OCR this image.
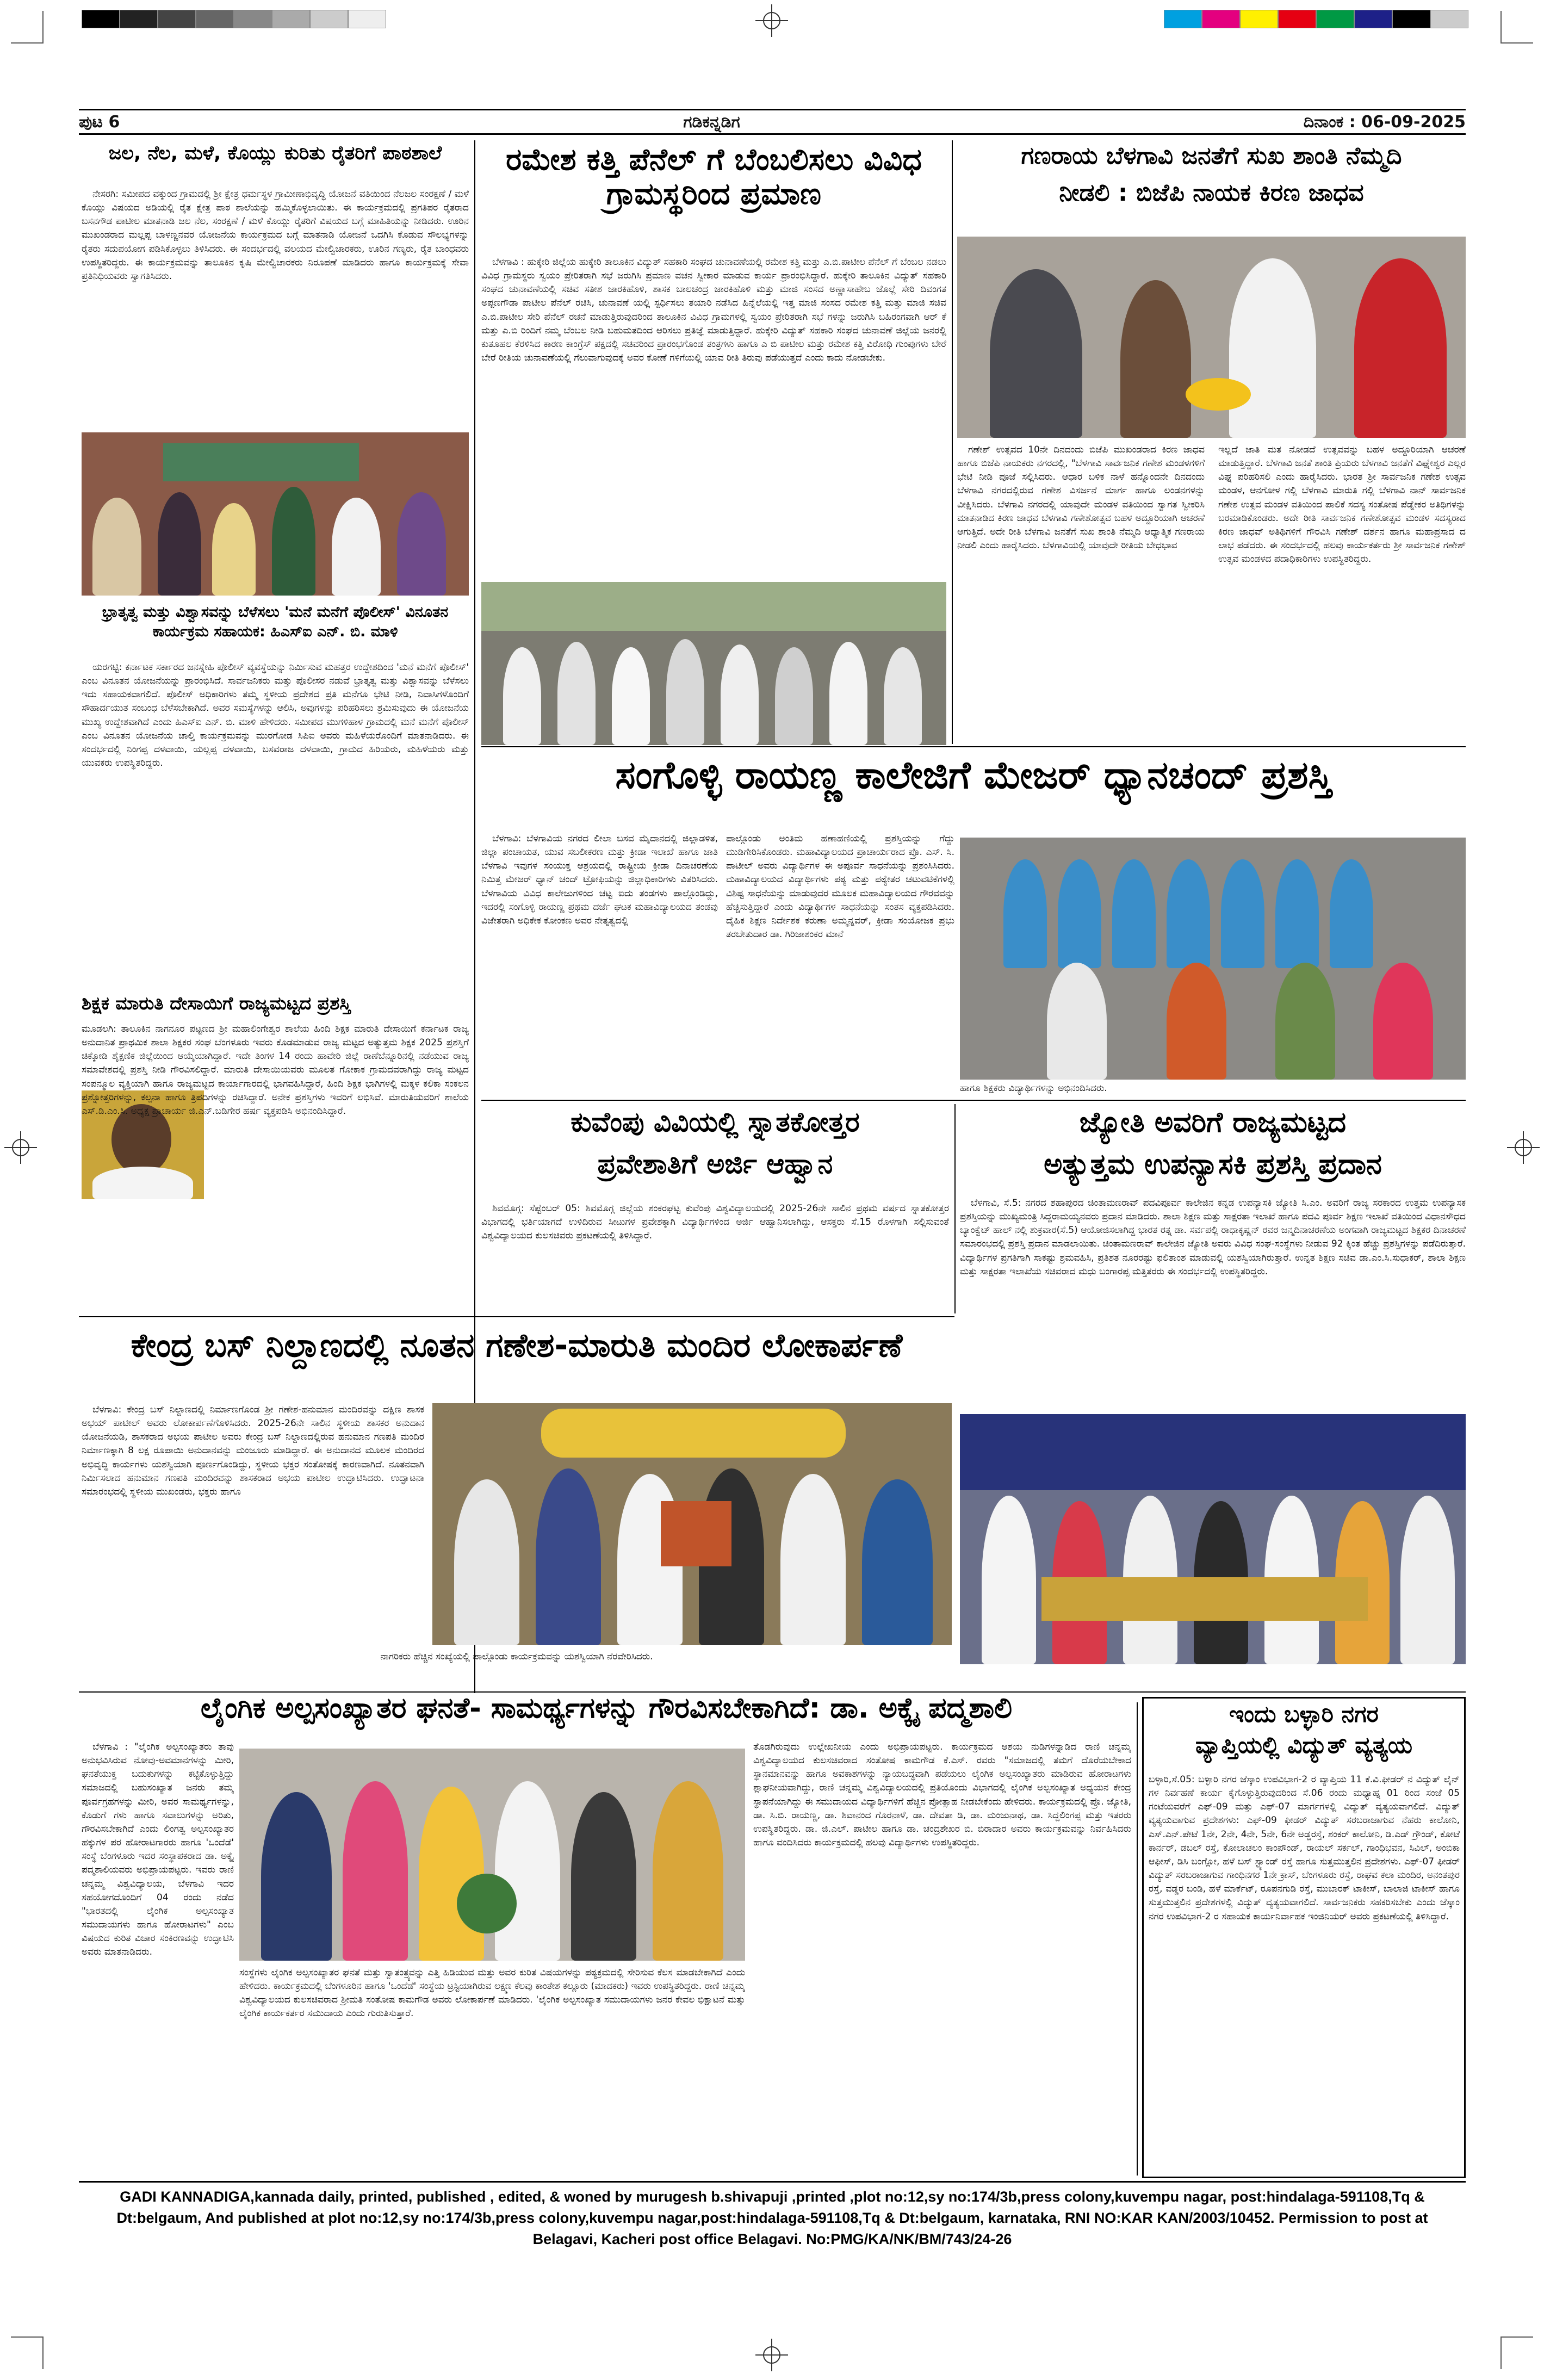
ಪುಟ 6	ಗಡಿಕನ್ನಡಿಗ	ದಿನಾಂಕ : 06-09-2025
ಜಲ, ನೆಲ, ಮಳೆ, ಕೊಯ್ಲು ಕುರಿತು ರೈತರಿಗೆ ಪಾಠಶಾಲೆ

ನೇಸರಗಿ: ಸಮೀಪದ ವಕ್ಕುಂದ ಗ್ರಾಮದಲ್ಲಿ ಶ್ರೀ ಕ್ಷೇತ್ರ ಧರ್ಮಸ್ಥಳ ಗ್ರಾಮೀಣಾಭಿವೃದ್ಧಿ ಯೋಜನೆ ವತಿಯಿಂದ ನೆಲಜಲ ಸಂರಕ್ಷಣೆ / ಮಳೆ ಕೊಯ್ಲು ವಿಷಯದ ಅಡಿಯಲ್ಲಿ ರೈತ ಕ್ಷೇತ್ರ ಪಾಠ ಶಾಲೆಯನ್ನು ಹಮ್ಮಿಕೊಳ್ಳಲಾಯಿತು. ಈ ಕಾರ್ಯಕ್ರಮದಲ್ಲಿ ಪ್ರಗತಿಪರ ರೈತರಾದ ಬಸನಗೌಡ ಪಾಟೀಲ ಮಾತನಾಡಿ ಜಲ ನೆಲ, ಸಂರಕ್ಷಣೆ / ಮಳೆ ಕೊಯ್ಲು ರೈತರಿಗೆ ವಿಷಯದ ಬಗ್ಗೆ ಮಾಹಿತಿಯನ್ನು ನೀಡಿದರು. ಊರಿನ ಮುಖಂಡರಾದ ಮಲ್ಲಪ್ಪ ಬಾಳಣ್ಣನವರ ಯೋಜನೆಯ ಕಾರ್ಯಕ್ರಮದ ಬಗ್ಗೆ ಮಾತನಾಡಿ ಯೋಜನೆ ಒದಗಿಸಿ ಕೊಡುವ ಸೌಲಭ್ಯಗಳನ್ನು ರೈತರು ಸದುಪಯೋಗ ಪಡಿಸಿಕೊಳ್ಳಲು ತಿಳಿಸಿದರು. ಈ ಸಂದರ್ಭದಲ್ಲಿ ವಲಯದ ಮೇಲ್ವಿಚಾರಕರು, ಊರಿನ ಗಣ್ಯರು, ರೈತ ಬಾಂಧವರು ಉಪಸ್ಥಿತರಿದ್ದರು. ಈ ಕಾರ್ಯಕ್ರಮವನ್ನು ತಾಲೂಕಿನ ಕೃಷಿ ಮೇಲ್ವಿಚಾರಕರು ನಿರೂಪಣೆ ಮಾಡಿದರು ಹಾಗೂ ಕಾರ್ಯಕ್ರಮಕ್ಕೆ ಸೇವಾ ಪ್ರತಿನಿಧಿಯವರು ಸ್ವಾಗತಿಸಿದರು.

ಭ್ರಾತೃತ್ವ ಮತ್ತು ವಿಶ್ವಾಸವನ್ನು ಬೆಳೆಸಲು 'ಮನೆ ಮನೆಗೆ ಪೊಲೀಸ್' ವಿನೂತನ ಕಾರ್ಯಕ್ರಮ ಸಹಾಯಕ: ಹಿಎಸ್ಐ ಎನ್. ಬಿ. ಮಾಳಿ

ಯರಗಟ್ಟಿ: ಕರ್ನಾಟಕ ಸರ್ಕಾರದ ಜನಸ್ನೇಹಿ ಪೊಲೀಸ್ ವ್ಯವಸ್ಥೆಯನ್ನು ನಿರ್ಮಿಸುವ ಮಹತ್ತರ ಉದ್ದೇಶದಿಂದ 'ಮನೆ ಮನೆಗೆ ಪೊಲೀಸ್' ಎಂಬ ವಿನೂತನ ಯೋಜನೆಯನ್ನು ಪ್ರಾರಂಭಿಸಿದೆ. ಸಾರ್ವಜನಿಕರು ಮತ್ತು ಪೊಲೀಸರ ನಡುವೆ ಭ್ರಾತೃತ್ವ ಮತ್ತು ವಿಶ್ವಾಸವನ್ನು ಬೆಳೆಸಲು ಇದು ಸಹಾಯಕವಾಗಲಿದೆ. ಪೊಲೀಸ್ ಅಧಿಕಾರಿಗಳು ತಮ್ಮ ಸ್ಥಳೀಯ ಪ್ರದೇಶದ ಪ್ರತಿ ಮನೆಗೂ ಭೇಟಿ ನೀಡಿ, ನಿವಾಸಿಗಳೊಂದಿಗೆ ಸೌಹಾರ್ದಯುತ ಸಂಬಂಧ ಬೆಳೆಸಬೇಕಾಗಿದೆ. ಅವರ ಸಮಸ್ಯೆಗಳನ್ನು ಆಲಿಸಿ, ಅವುಗಳನ್ನು ಪರಿಹರಿಸಲು ಶ್ರಮಿಸುವುದು ಈ ಯೋಜನೆಯ ಮುಖ್ಯ ಉದ್ದೇಶವಾಗಿದೆ ಎಂದು ಹಿಎಸ್ಐ ಎನ್. ಬಿ. ಮಾಳಿ ಹೇಳಿದರು. ಸಮೀಪದ ಮುಗಳಿಹಾಳ ಗ್ರಾಮದಲ್ಲಿ ಮನೆ ಮನೆಗೆ ಪೊಲೀಸ್ ಎಂಬ ವಿನೂತನ ಯೋಜನೆಯ ಚಾಲ್ತಿ ಕಾರ್ಯಕ್ರಮವನ್ನು ಮುರಗೋಡ ಸಿಪಿಐ ಅವರು ಮಹಿಳೆಯರೊಂದಿಗೆ ಮಾತನಾಡಿದರು. ಈ ಸಂದರ್ಭದಲ್ಲಿ ನಿಂಗಪ್ಪ ದಳವಾಯಿ, ಯಲ್ಲಪ್ಪ ದಳವಾಯಿ, ಬಸವರಾಜ ದಳವಾಯಿ, ಗ್ರಾಮದ ಹಿರಿಯರು, ಮಹಿಳೆಯರು ಮತ್ತು ಯುವಕರು ಉಪಸ್ಥಿತರಿದ್ದರು.

ಶಿಕ್ಷಕ ಮಾರುತಿ ದೇಸಾಯಿಗೆ ರಾಜ್ಯಮಟ್ಟದ ಪ್ರಶಸ್ತಿ

ಮೂಡಲಗಿ: ತಾಲೂಕಿನ ನಾಗನೂರ ಪಟ್ಟಣದ ಶ್ರೀ ಮಹಾಲಿಂಗೇಶ್ವರ ಶಾಲೆಯ ಹಿಂದಿ ಶಿಕ್ಷಕ ಮಾರುತಿ ದೇಸಾಯಿಗೆ ಕರ್ನಾಟಕ ರಾಜ್ಯ ಅನುದಾನಿತ ಪ್ರಾಥಮಿಕ ಶಾಲಾ ಶಿಕ್ಷಕರ ಸಂಘ ಬೆಂಗಳೂರು ಇವರು ಕೊಡಮಾಡುವ ರಾಜ್ಯ ಮಟ್ಟದ ಅತ್ಯುತ್ತಮ ಶಿಕ್ಷಕ 2025 ಪ್ರಶಸ್ತಿಗೆ ಚಿಕ್ಕೋಡಿ ಶೈಕ್ಷಣಿಕ ಜಿಲ್ಲೆಯಿಂದ ಆಯ್ಕೆಯಾಗಿದ್ದಾರೆ. ಇದೇ ತಿಂಗಳ 14 ರಂದು ಹಾವೇರಿ ಜಿಲ್ಲೆ ರಾಣೆಬೆನ್ನೂರಿನಲ್ಲಿ ನಡೆಯುವ ರಾಜ್ಯ ಸಮಾವೇಶದಲ್ಲಿ ಪ್ರಶಸ್ತಿ ನೀಡಿ ಗೌರವಿಸಲಿದ್ದಾರೆ. ಮಾರುತಿ ದೇಸಾಯಿಯವರು ಮೂಲತ ಗೋಕಾಕ ಗ್ರಾಮದವರಾಗಿದ್ದು ರಾಜ್ಯ ಮಟ್ಟದ ಸಂಪನ್ಮೂಲ ವ್ಯಕ್ತಿಯಾಗಿ ಹಾಗೂ ರಾಜ್ಯಮಟ್ಟದ ಕಾರ್ಯಾಗಾರದಲ್ಲಿ ಭಾಗವಹಿಸಿದ್ದಾರೆ, ಹಿಂದಿ ಶಿಕ್ಷಕ ಭಾಗಿಗಳಲ್ಲಿ ಮಕ್ಕಳ ಕಲಿಕಾ ಸಂಕಲನ ಪ್ರಶ್ನೋತ್ತರಿಗಳನ್ನು, ಕಲ್ಪನಾ ಹಾಗೂ ತ್ರಿಪದಿಗಳನ್ನು ರಚಿಸಿದ್ದಾರೆ. ಅನೇಕ ಪ್ರಶಸ್ತಿಗಳು ಇವರಿಗೆ ಲಭಿಸಿವೆ. ಮಾರುತಿಯವರಿಗೆ ಶಾಲೆಯ ಎಸ್.ಡಿ.ಎಂ.ಸಿ. ಅಧ್ಯಕ್ಷ ಪ್ರಾಚಾರ್ಯ ಜಿ.ಎನ್.ಬಡಿಗೇರ ಹರ್ಷ ವ್ಯಕ್ತಪಡಿಸಿ ಅಭಿನಂದಿಸಿದ್ದಾರೆ.

ರಮೇಶ ಕತ್ತಿ ಪೆನೆಲ್ ಗೆ ಬೆಂಬಲಿಸಲು ವಿವಿಧ ಗ್ರಾಮಸ್ಥರಿಂದ ಪ್ರಮಾಣ

ಬೆಳಗಾವಿ : ಹುಕ್ಕೇರಿ ಜಿಲ್ಲೆಯ ಹುಕ್ಕೇರಿ ತಾಲೂಕಿನ ವಿದ್ಯುತ್ ಸಹಕಾರಿ ಸಂಘದ ಚುನಾವಣೆಯಲ್ಲಿ ರಮೇಶ ಕತ್ತಿ ಮತ್ತು ಎ.ಬಿ.ಪಾಟೀಲ ಪೆನೆಲ್ ಗೆ ಬೆಂಬಲ ನಡಲು ವಿವಿಧ ಗ್ರಾಮಸ್ಥರು ಸ್ವಯಂ ಪ್ರೇರಿತರಾಗಿ ಸಭೆ ಜರುಗಿಸಿ ಪ್ರಮಾಣ ವಚನ ಸ್ವೀಕಾರ ಮಾಡುವ ಕಾರ್ಯ ಪ್ರಾರಂಭಿಸಿದ್ದಾರೆ. ಹುಕ್ಕೇರಿ ತಾಲೂಕಿನ ವಿದ್ಯುತ್ ಸಹಕಾರಿ ಸಂಘದ ಚುನಾವಣೆಯಲ್ಲಿ ಸಚಿವ ಸತೀಶ ಜಾರಕಿಹೊಳಿ, ಶಾಸಕ ಬಾಲಚಂದ್ರ ಜಾರಕಿಹೊಳಿ ಮತ್ತು ಮಾಜಿ ಸಂಸದ ಅಣ್ಣಾಸಾಹೇಬ ಜೊಲ್ಲೆ ಸೇರಿ ದಿವಂಗತ ಅಪ್ಪಣಗೌಡಾ ಪಾಟೀಲ ಪೆನೆಲ್ ರಚಿಸಿ, ಚುನಾವಣೆ ಯಲ್ಲಿ ಸ್ಪರ್ಧಿಸಲು ತಯಾರಿ ನಡೆಸಿದ ಹಿನ್ನೆಲೆಯಲ್ಲಿ ಇತ್ತ ಮಾಜಿ ಸಂಸದ ರಮೇಶ ಕತ್ತಿ ಮತ್ತು ಮಾಜಿ ಸಚಿವ ಎ.ಬಿ.ಪಾಟೀಲ ಸೇರಿ ಪೆನೆಲ್ ರಚನೆ ಮಾಡುತ್ತಿರುವುದರಿಂದ ತಾಲೂಕಿನ ವಿವಿಧ ಗ್ರಾಮಗಳಲ್ಲಿ ಸ್ವಯಂ ಪ್ರೇರಿತರಾಗಿ ಸಭೆ ಗಳನ್ನು ಜರುಗಿಸಿ ಬಹಿರಂಗವಾಗಿ ಆರ್ ಕೆ ಮತ್ತು ಎ.ಬಿ ರಿಂದಿಗೆ ನಮ್ಮ ಬೆಂಬಲ ನೀಡಿ ಬಹುಮತದಿಂದ ಆರಿಸಲು ಪ್ರತಿಜ್ಞೆ ಮಾಡುತ್ತಿದ್ದಾರೆ. ಹುಕ್ಕೇರಿ ವಿದ್ಯುತ್ ಸಹಕಾರಿ ಸಂಘದ ಚುನಾವಣೆ ಜಿಲ್ಲೆಯ ಜನರಲ್ಲಿ ಕುತೂಹಲ ಕೆರಳಿಸಿದ ಕಾರಣ ಕಾಂಗ್ರೆಸ್ ಪಕ್ಷದಲ್ಲಿ ಸಚಿವರಿಂದ ಪ್ರಾರಂಭಗೊಂಡ ತಂತ್ರಗಳು ಹಾಗೂ ಎ ಬಿ ಪಾಟೀಲ ಮತ್ತು ರಮೇಶ ಕತ್ತಿ ವಿರೋಧಿ ಗುಂಪುಗಳು ಬೇರೆ ಬೇರೆ ರೀತಿಯ ಚುನಾವಣೆಯಲ್ಲಿ ಗೆಲುವಾಗುವುದಕ್ಕೆ ಅವರ ಕೋಣೆ ಗಳಿಗೆಯಲ್ಲಿ ಯಾವ ರೀತಿ ತಿರುವು ಪಡೆಯುತ್ತದೆ ಎಂದು ಕಾದು ನೋಡಬೇಕು.

ಗಣರಾಯ ಬೆಳಗಾವಿ ಜನತೆಗೆ ಸುಖ ಶಾಂತಿ ನೆಮ್ಮದಿ
ನೀಡಲಿ : ಬಿಜೆಪಿ ನಾಯಕ ಕಿರಣ ಜಾಧವ

ಗಣೇಶ್ ಉತ್ಸವದ 10ನೇ ದಿನದಂದು ಬಿಜೆಪಿ ಮುಖಂಡರಾದ ಕಿರಣ ಜಾಧವ ಹಾಗೂ ಬಿಜೆಪಿ ನಾಯಕರು ನಗರದಲ್ಲಿ, "ಬೆಳಗಾವಿ ಸಾರ್ವಜನಿಕ ಗಣೇಶ ಮಂಡಳಗಳಿಗೆ ಭೇಟಿ ನೀಡಿ ಪೂಜೆ ಸಲ್ಲಿಸಿದರು. ಆಧಾರ ಬಳಿಕ ನಾಳೆ ಹನ್ನೊಂದನೇ ದಿನದಂದು ಬೆಳಗಾವಿ ನಗರದಲ್ಲಿರುವ ಗಣೇಶ ವಿಸರ್ಜನೆ ಮಾರ್ಗ ಹಾಗೂ ಲಂಡನಗಳನ್ನು ವೀಕ್ಷಿಸಿದರು. ಬೆಳಗಾವಿ ನಗರದಲ್ಲಿ ಯಾವುದೇ ಮಂಡಳ ವತಿಯಿಂದ ಸ್ವಾಗತ ಸ್ವೀಕರಿಸಿ ಮಾತನಾಡಿದ ಕಿರಣ ಜಾಧವ ಬೆಳಗಾವಿ ಗಣೇಶೋತ್ಸವ ಬಹಳ ಅದ್ದೂರಿಯಾಗಿ ಆಚರಣೆ ಆಗುತ್ತಿದೆ. ಅದೇ ರೀತಿ ಬೆಳಗಾವಿ ಜನತೆಗೆ ಸುಖ ಶಾಂತಿ ನೆಮ್ಮದಿ ಆಧ್ಯಾತ್ಮಿಕ ಗಣರಾಯ ನೀಡಲಿ ಎಂದು ಹಾರೈಸಿದರು. ಬೆಳಗಾವಿಯಲ್ಲಿ ಯಾವುದೇ ರೀತಿಯ ಬೇಧಭಾವ

ಇಲ್ಲದೆ ಜಾತಿ ಮತ ನೋಡದೆ ಉತ್ಸವವನ್ನು ಬಹಳ ಅದ್ದೂರಿಯಾಗಿ ಆಚರಣೆ ಮಾಡುತ್ತಿದ್ದಾರೆ. ಬೆಳಗಾವಿ ಜನತೆ ಶಾಂತಿ ಪ್ರಿಯರು ಬೆಳಗಾವಿ ಜನತೆಗೆ ವಿಘ್ನೇಶ್ವರ ಎಲ್ಲರ ವಿಘ್ನ ಪರಿಹರಿಸಲಿ ಎಂದು ಹಾರೈಸಿದರು. ಭಾರತ ಶ್ರೀ ಸಾರ್ವಜನಿಕ ಗಣೇಶ ಉತ್ಸವ ಮಂಡಳ, ಆನಗೋಳ ಗಲ್ಲಿ ಬೆಳಗಾವಿ ಮಾರುತಿ ಗಲ್ಲಿ ಬೆಳಗಾವಿ ನಾನ್ ಸಾರ್ವಜನಿಕ ಗಣೇಶ ಉತ್ಸವ ಮಂಡಳ ವತಿಯಿಂದ ಪಾಲಿಕೆ ಸದಸ್ಯ ಸಂತೋಷ ಪೆಡ್ನೇಕರ ಅತಿಥಿಗಳನ್ನು ಬರಮಾಡಿಕೊಂಡರು. ಅದೇ ರೀತಿ ಸಾರ್ವಜನಿಕ ಗಣೇಶೋತ್ಸವ ಮಂಡಳ ಸದಸ್ಯರಾದ ಕಿರಣ ಜಾಧವ್ ಅತಿಥಿಗಳಿಗೆ ಗೌರವಿಸಿ ಗಣೇಶ್ ದರ್ಶನ ಹಾಗೂ ಮಹಾಪ್ರಸಾದ ದ ಲಾಭ ಪಡೆದರು. ಈ ಸಂದರ್ಭದಲ್ಲಿ ಹಲವು ಕಾರ್ಯಕರ್ತರು ಶ್ರೀ ಸಾರ್ವಜನಿಕ ಗಣೇಶ್ ಉತ್ಸವ ಮಂಡಳದ ಪದಾಧಿಕಾರಿಗಳು ಉಪಸ್ಥಿತರಿದ್ದರು.

ಸಂಗೊಳ್ಳಿ ರಾಯಣ್ಣ ಕಾಲೇಜಿಗೆ ಮೇಜರ್ ಧ್ಯಾನಚಂದ್ ಪ್ರಶಸ್ತಿ

ಬೆಳಗಾವಿ: ಬೆಳಗಾವಿಯ ನಗರದ ಲೀಲಾ ಬಸವ ಮೈದಾನದಲ್ಲಿ ಜಿಲ್ಲಾಡಳಿತ, ಜಿಲ್ಲಾ ಪಂಚಾಯತ, ಯುವ ಸಬಲೀಕರಣ ಮತ್ತು ಕ್ರೀಡಾ ಇಲಾಖೆ ಹಾಗೂ ಜಾತಿ ಬೆಳಗಾವಿ ಇವುಗಳ ಸಂಯುಕ್ತ ಆಶ್ರಯದಲ್ಲಿ ರಾಷ್ಟ್ರೀಯ ಕ್ರೀಡಾ ದಿನಾಚರಣೆಯ ನಿಮಿತ್ತ ಮೇಜರ್ ಧ್ಯಾನ್ ಚಂದ್ ಟ್ರೋಫಿಯನ್ನು ಜಿಲ್ಲಾಧಿಕಾರಿಗಳು ವಿತರಿಸಿದರು. ಬೆಳಗಾವಿಯ ವಿವಿಧ ಕಾಲೇಜುಗಳಿಂದ ಚಟ್ಟ ಐದು ತಂಡಗಳು ಪಾಲ್ಗೊಂಡಿದ್ದು, ಇದರಲ್ಲಿ ಸಂಗೊಳ್ಳಿ ರಾಯಣ್ಣ ಪ್ರಥಮ ದರ್ಜೆ ಘಟಕ ಮಹಾವಿದ್ಯಾಲಯದ ತಂಡವು ವಿಜೇತರಾಗಿ ಅಧಿಕೇಕ ಕೋಂಕಣ ಅವರ ನೇತೃತ್ವದಲ್ಲಿ

ಪಾಲ್ಗೊಂಡು ಅಂತಿಮ ಹಣಾಹಣಿಯಲ್ಲಿ ಪ್ರಶಸ್ತಿಯನ್ನು ಗೆದ್ದು ಮುಡಿಗೇರಿಸಿಕೊಂಡರು. ಮಹಾವಿದ್ಯಾಲಯದ ಪ್ರಾಚಾರ್ಯರಾದ ಪ್ರೊ. ಎಸ್. ಸಿ. ಪಾಟೀಲ್ ಅವರು ವಿದ್ಯಾರ್ಥಿಗಳ ಈ ಅಪೂರ್ವ ಸಾಧನೆಯನ್ನು ಪ್ರಶಂಸಿಸಿದರು. ಮಹಾವಿದ್ಯಾಲಯದ ವಿದ್ಯಾರ್ಥಿಗಳು ಪಠ್ಯ ಮತ್ತು ಪಠ್ಯೇತರ ಚಟುವಟಿಕೆಗಳಲ್ಲಿ ವಿಶಿಷ್ಟ ಸಾಧನೆಯನ್ನು ಮಾಡುವುದರ ಮೂಲಕ ಮಹಾವಿದ್ಯಾಲಯದ ಗೌರವವನ್ನು ಹೆಚ್ಚಿಸುತ್ತಿದ್ದಾರೆ ಎಂದು ವಿದ್ಯಾರ್ಥಿಗಳ ಸಾಧನೆಯನ್ನು ಸಂತಸ ವ್ಯಕ್ತಪಡಿಸಿದರು. ದೈಹಿಕ ಶಿಕ್ಷಣ ನಿರ್ದೇಶಕ ಕರುಣಾ ಅಮ್ಮನ್ನವರ್, ಕ್ರೀಡಾ ಸಂಯೋಜಕ ಪ್ರಭು ತರಬೇತುದಾರ ಡಾ. ಗಿರಿಜಾಶಂಕರ ಮಾನೆ

ಹಾಗೂ ಶಿಕ್ಷಕರು ವಿದ್ಯಾರ್ಥಿಗಳನ್ನು ಅಭಿನಂದಿಸಿದರು.
ಕುವೆಂಪು ವಿವಿಯಲ್ಲಿ ಸ್ನಾತಕೋತ್ತರ
ಪ್ರವೇಶಾತಿಗೆ ಅರ್ಜಿ ಆಹ್ವಾನ

ಶಿವಮೊಗ್ಗ: ಸೆಪ್ಟೆಂಬರ್ 05: ಶಿವಮೊಗ್ಗ ಜಿಲ್ಲೆಯ ಶಂಕರಘಟ್ಟ ಕುವೆಂಪು ವಿಶ್ವವಿದ್ಯಾಲಯದಲ್ಲಿ 2025-26ನೇ ಸಾಲಿನ ಪ್ರಥಮ ವರ್ಷದ ಸ್ನಾತಕೋತ್ತರ ವಿಭಾಗದಲ್ಲಿ ಭರ್ತಿಯಾಗದೆ ಉಳಿದಿರುವ ಸೀಟುಗಳ ಪ್ರವೇಶಕ್ಕಾಗಿ ವಿದ್ಯಾರ್ಥಿಗಳಿಂದ ಅರ್ಜಿ ಆಹ್ವಾನಿಸಲಾಗಿದ್ದು, ಆಸಕ್ತರು ಸೆ.15 ರೊಳಗಾಗಿ ಸಲ್ಲಿಸುವಂತೆ ವಿಶ್ವವಿದ್ಯಾಲಯದ ಕುಲಸಚಿವರು ಪ್ರಕಟಣೆಯಲ್ಲಿ ತಿಳಿಸಿದ್ದಾರೆ.

ಜ್ಯೋತಿ ಅವರಿಗೆ ರಾಜ್ಯಮಟ್ಟದ
ಅತ್ಯುತ್ತಮ ಉಪನ್ಯಾಸಕಿ ಪ್ರಶಸ್ತಿ ಪ್ರದಾನ

ಬೆಳಗಾವಿ, ಸೆ.5: ನಗರದ ಶಹಾಪುರದ ಚಿಂತಾಮಣರಾವ್ ಪದವಿಪೂರ್ವ ಕಾಲೇಜಿನ ಕನ್ನಡ ಉಪನ್ಯಾಸಕಿ ಜ್ಯೋತಿ ಸಿ.ಎಂ. ಅವರಿಗೆ ರಾಜ್ಯ ಸರಕಾರದ ಉತ್ತಮ ಉಪನ್ಯಾಸಕ ಪ್ರಶಸ್ತಿಯನ್ನು ಮುಖ್ಯಮಂತ್ರಿ ಸಿದ್ದರಾಮಯ್ಯನವರು ಪ್ರದಾನ ಮಾಡಿದರು. ಶಾಲಾ ಶಿಕ್ಷಣ ಮತ್ತು ಸಾಕ್ಷರತಾ ಇಲಾಖೆ ಹಾಗೂ ಪದವಿ ಪೂರ್ವ ಶಿಕ್ಷಣ ಇಲಾಖೆ ವತಿಯಿಂದ ವಿಧಾನಸೌಧದ ಬ್ಯಾಂಕ್ವೆಟ್ ಹಾಲ್ ನಲ್ಲಿ ಶುಕ್ರವಾರ(ಸೆ.5) ಆಯೋಜಿಸಲಾಗಿದ್ದ ಭಾರತ ರತ್ನ ಡಾ. ಸರ್ವಪಲ್ಲಿ ರಾಧಾಕೃಷ್ಣನ್ ರವರ ಜನ್ಮದಿನಾಚರಣೆಯ ಅಂಗವಾಗಿ ರಾಜ್ಯಮಟ್ಟದ ಶಿಕ್ಷಕರ ದಿನಾಚರಣೆ ಸಮಾರಂಭದಲ್ಲಿ ಪ್ರಶಸ್ತಿ ಪ್ರದಾನ ಮಾಡಲಾಯಿತು. ಚಿಂತಾಮಣರಾವ್ ಕಾಲೇಜಿನ ಜ್ಯೋತಿ ಅವರು ವಿವಿಧ ಸಂಘ-ಸಂಸ್ಥೆಗಳು ನೀಡುವ 92 ಕ್ಕಿಂತ ಹೆಚ್ಚು ಪ್ರಶಸ್ತಿಗಳನ್ನು ಪಡೆದಿರುತ್ತಾರೆ. ವಿದ್ಯಾರ್ಥಿಗಳ ಪ್ರಗತಿಗಾಗಿ ಸಾಕಷ್ಟು ಶ್ರಮವಹಿಸಿ, ಪ್ರತಿಶತ ನೂರರಷ್ಟು ಫಲಿತಾಂಶ ಮಾಡುವಲ್ಲಿ ಯಶಸ್ವಿಯಾಗಿರುತ್ತಾರೆ. ಉನ್ನತ ಶಿಕ್ಷಣ ಸಚಿವ ಡಾ.ಎಂ.ಸಿ.ಸುಧಾಕರ್, ಶಾಲಾ ಶಿಕ್ಷಣ ಮತ್ತು ಸಾಕ್ಷರತಾ ಇಲಾಖೆಯ ಸಚಿವರಾದ ಮಧು ಬಂಗಾರಪ್ಪ ಮತ್ತಿತರರು ಈ ಸಂದರ್ಭದಲ್ಲಿ ಉಪಸ್ಥಿತರಿದ್ದರು.

ಕೇಂದ್ರ ಬಸ್ ನಿಲ್ದಾಣದಲ್ಲಿ ನೂತನ ಗಣೇಶ-ಮಾರುತಿ ಮಂದಿರ ಲೋಕಾರ್ಪಣೆ

ಬೆಳಗಾವಿ: ಕೇಂದ್ರ ಬಸ್ ನಿಲ್ದಾಣದಲ್ಲಿ ನಿರ್ಮಾಣಗೊಂಡ ಶ್ರೀ ಗಣೇಶ-ಹನುಮಾನ ಮಂದಿರವನ್ನು ದಕ್ಷಿಣ ಶಾಸಕ ಅಭಯ್ ಪಾಟೀಲ್ ಅವರು ಲೋಕಾರ್ಪಣೆಗೊಳಿಸಿದರು. 2025-26ನೇ ಸಾಲಿನ ಸ್ಥಳೀಯ ಶಾಸಕರ ಅನುದಾನ ಯೋಜನೆಯಡಿ, ಶಾಸಕರಾದ ಅಭಯ ಪಾಟೀಲ ಅವರು ಕೇಂದ್ರ ಬಸ್ ನಿಲ್ದಾಣದಲ್ಲಿರುವ ಹನುಮಾನ ಗಣಪತಿ ಮಂದಿರ ನಿರ್ಮಾಣಕ್ಕಾಗಿ 8 ಲಕ್ಷ ರೂಪಾಯಿ ಅನುದಾನವನ್ನು ಮಂಜೂರು ಮಾಡಿದ್ದಾರೆ. ಈ ಅನುದಾನದ ಮೂಲಕ ಮಂದಿರದ ಅಭಿವೃದ್ಧಿ ಕಾರ್ಯಗಳು ಯಶಸ್ವಿಯಾಗಿ ಪೂರ್ಣಗೊಂಡಿದ್ದು, ಸ್ಥಳೀಯ ಭಕ್ತರ ಸಂತೋಷಕ್ಕೆ ಕಾರಣವಾಗಿದೆ. ನೂತನವಾಗಿ ನಿರ್ಮಿಸಲಾದ ಹನುಮಾನ ಗಣಪತಿ ಮಂದಿರವನ್ನು ಶಾಸಕರಾದ ಅಭಯ ಪಾಟೀಲ ಉದ್ಘಾಟಿಸಿದರು. ಉದ್ಘಾಟನಾ ಸಮಾರಂಭದಲ್ಲಿ ಸ್ಥಳೀಯ ಮುಖಂಡರು, ಭಕ್ತರು ಹಾಗೂ

ನಾಗರಿಕರು ಹೆಚ್ಚಿನ ಸಂಖ್ಯೆಯಲ್ಲಿ ಪಾಲ್ಗೊಂಡು ಕಾರ್ಯಕ್ರಮವನ್ನು ಯಶಸ್ವಿಯಾಗಿ ನೆರವೇರಿಸಿದರು.
ಲೈಂಗಿಕ ಅಲ್ಪಸಂಖ್ಯಾತರ ಘನತೆ- ಸಾಮರ್ಥ್ಯಗಳನ್ನು ಗೌರವಿಸಬೇಕಾಗಿದೆ: ಡಾ. ಅಕ್ಕೈ ಪದ್ಮಶಾಲಿ

ಬೆಳಗಾವಿ : "ಲೈಂಗಿಕ ಅಲ್ಪಸಂಖ್ಯಾತರು ತಾವು ಅನುಭವಿಸಿರುವ ನೋವು-ಅವಮಾನಗಳನ್ನು ಮೀರಿ, ಘನತೆಯುಕ್ತ ಬದುಕುಗಳನ್ನು ಕಟ್ಟಿಕೊಳ್ಳುತ್ತಿದ್ದು ಸಮಾಜದಲ್ಲಿ ಬಹುಸಂಖ್ಯಾತ ಜನರು ತಮ್ಮ ಪೂರ್ವಗ್ರಹಗಳನ್ನು ಮೀರಿ, ಅವರ ಸಾಮರ್ಥ್ಯಗಳನ್ನು, ಕೊಡುಗೆ ಗಳು ಹಾಗೂ ಸವಾಲುಗಳನ್ನು ಅರಿತು, ಗೌರವಿಸಬೇಕಾಗಿದೆ ಎಂದು ಲಿಂಗತ್ವ ಅಲ್ಪಸಂಖ್ಯಾತರ ಹಕ್ಕುಗಳ ಪರ ಹೋರಾಟಗಾರರು ಹಾಗೂ 'ಒಂದೆಡೆ' ಸಂಸ್ಥೆ ಬೆಂಗಳೂರು ಇದರ ಸಂಸ್ಥಾಪಕರಾದ ಡಾ. ಅಕ್ಕೈ ಪದ್ಮಶಾಲಿಯವರು ಅಭಿಪ್ರಾಯಪಟ್ಟರು. ಇವರು ರಾಣಿ ಚನ್ನಮ್ಮ ವಿಶ್ವವಿದ್ಯಾಲಯ, ಬೆಳಗಾವಿ ಇದರ ಸಹಯೋಗದೊಂದಿಗೆ 04 ರಂದು ನಡೆದ "ಭಾರತದಲ್ಲಿ ಲೈಂಗಿಕ ಅಲ್ಪಸಂಖ್ಯಾತ ಸಮುದಾಯಗಳು ಹಾಗೂ ಹೋರಾಟಗಳು" ಎಂಬ ವಿಷಯದ ಕುರಿತ ವಿಚಾರ ಸಂಕಿರಣವನ್ನು ಉದ್ಘಾಟಿಸಿ ಅವರು ಮಾತನಾಡಿದರು.

ಸಂಸ್ಥೆಗಳು ಲೈಂಗಿಕ ಅಲ್ಪಸಂಖ್ಯಾತರ ಘನತೆ ಮತ್ತು ಸ್ವಾತಂತ್ರ್ಯವನ್ನು ಎತ್ತಿ ಹಿಡಿಯುವ ಮತ್ತು ಅವರ ಕುರಿತ ವಿಷಯಗಳನ್ನು ಪಠ್ಯಕ್ರಮದಲ್ಲಿ ಸೇರಿಸುವ ಕೆಲಸ ಮಾಡಬೇಕಾಗಿದೆ ಎಂದು ಹೇಳಿದರು. ಕಾರ್ಯಕ್ರಮದಲ್ಲಿ ಬೆಂಗಳೂರಿನ ಹಾಗೂ 'ಒಂದೆಡೆ' ಸಂಸ್ಥೆಯ ಟ್ರಸ್ಟಿಯಾಗಿರುವ ಲಕ್ಷ್ಮಣ ಕೆಲವು ಕಾಂತೇಶ ಕಲ್ಲೂರು (ಮಾದಕರು) ಇವರು ಉಪಸ್ಥಿತರಿದ್ದರು. ರಾಣಿ ಚನ್ನಮ್ಮ ವಿಶ್ವವಿದ್ಯಾಲಯದ ಕುಲಸಚಿವರಾದ ಶ್ರೀಮತಿ ಸಂತೋಷ ಕಾಮಗೌಡ ಅವರು ಲೋಕಾರ್ಪಣೆ ಮಾಡಿದರು. 'ಲೈಂಗಿಕ ಅಲ್ಪಸಂಖ್ಯಾತ ಸಮುದಾಯಗಳು ಜನರ ಕೇವಲ ಭಿಕ್ಷಾಟನೆ ಮತ್ತು ಲೈಂಗಿಕ ಕಾರ್ಯಕರ್ತರ ಸಮುದಾಯ ಎಂದು ಗುರುತಿಸುತ್ತಾರೆ.

ತೊಡಗಿರುವುದು ಉಲ್ಲೇಖನೀಯ ಎಂದು ಅಭಿಪ್ರಾಯಪಟ್ಟರು. ಕಾರ್ಯಕ್ರಮದ ಆಶಯ ನುಡಿಗಳನ್ನಾಡಿದ ರಾಣಿ ಚನ್ನಮ್ಮ ವಿಶ್ವವಿದ್ಯಾಲಯದ ಕುಲಸಚಿವರಾದ ಸಂತೋಷ ಕಾಮಗೌಡ ಕೆ.ಎಸ್. ರವರು "ಸಮಾಜದಲ್ಲಿ ತಮಗೆ ದೊರೆಯಬೇಕಾದ ಸ್ಥಾನಮಾನವನ್ನು ಹಾಗೂ ಅವಕಾಶಗಳನ್ನು ನ್ಯಾಯಬದ್ಧವಾಗಿ ಪಡೆಯಲು ಲೈಂಗಿಕ ಅಲ್ಪಸಂಖ್ಯಾತರು ಮಾಡಿರುವ ಹೋರಾಟಗಳು ಶ್ಲಾಘನೀಯವಾಗಿದ್ದು, ರಾಣಿ ಚನ್ನಮ್ಮ ವಿಶ್ವವಿದ್ಯಾಲಯದಲ್ಲಿ ಪ್ರತಿಯೊಂದು ವಿಭಾಗದಲ್ಲಿ ಲೈಂಗಿಕ ಅಲ್ಪಸಂಖ್ಯಾತ ಅಧ್ಯಯನ ಕೇಂದ್ರ ಸ್ಥಾಪನೆಯಾಗಿದ್ದು ಈ ಸಮುದಾಯದ ವಿದ್ಯಾರ್ಥಿಗಳಿಗೆ ಹೆಚ್ಚಿನ ಪ್ರೋತ್ಸಾಹ ನೀಡಬೇಕೆಂದು ಹೇಳಿದರು. ಕಾರ್ಯಕ್ರಮದಲ್ಲಿ ಪ್ರೊ. ಜ್ಯೋತಿ, ಡಾ. ಸಿ.ಬಿ. ರಾಯಣ್ಣ, ಡಾ. ಶಿವಾನಂದ ಗೊರನಾಳೆ, ಡಾ. ದೇವತಾ ಡಿ, ಡಾ. ಮಂಜುನಾಥ, ಡಾ. ಸಿದ್ದಲಿಂಗಪ್ಪ ಮತ್ತು ಇತರರು ಉಪಸ್ಥಿತರಿದ್ದರು. ಡಾ. ಜಿ.ಎಲ್. ಪಾಟೀಲ ಹಾಗೂ ಡಾ. ಚಂದ್ರಶೇಖರ ಬಿ. ಬಿರಾದಾರ ಅವರು ಕಾರ್ಯಕ್ರಮವನ್ನು ನಿರ್ವಹಿಸಿದರು ಹಾಗೂ ವಂದಿಸಿದರು ಕಾರ್ಯಕ್ರಮದಲ್ಲಿ ಹಲವು ವಿದ್ಯಾರ್ಥಿಗಳು ಉಪಸ್ಥಿತರಿದ್ದರು.

ಇಂದು ಬಳ್ಳಾರಿ ನಗರ
ವ್ಯಾಪ್ತಿಯಲ್ಲಿ ವಿದ್ಯುತ್ ವ್ಯತ್ಯಯ

ಬಳ್ಳಾರಿ,ಸೆ.05: ಬಳ್ಳಾರಿ ನಗರ ಜೆಸ್ಕಾಂ ಉಪವಿಭಾಗ-2 ರ ವ್ಯಾಪ್ತಿಯ 11 ಕೆ.ವಿ.ಫೀಡರ್ ನ ವಿದ್ಯುತ್ ಲೈನ್ ಗಳ ನಿರ್ವಹಣೆ ಕಾರ್ಯ ಕೈಗೊಳ್ಳುತ್ತಿರುವುದರಿಂದ ಸೆ.06 ರಂದು ಮಧ್ಯಾಹ್ನ 01 ರಿಂದ ಸಂಜೆ 05 ಗಂಟೆಯವರೆಗೆ ಎಫ್-09 ಮತ್ತು ಎಫ್-07 ಮಾರ್ಗಗಳಲ್ಲಿ ವಿದ್ಯುತ್ ವ್ಯತ್ಯಯವಾಗಲಿದೆ. ವಿದ್ಯುತ್ ವ್ಯತ್ಯಯವಾಗುವ ಪ್ರದೇಶಗಳು: ಎಫ್-09 ಫೀಡರ್ ವಿದ್ಯುತ್ ಸರಬರಾಜಾಗುವ ನೆಹರು ಕಾಲೋನಿ, ಎಸ್.ಎನ್.ಪೇಟೆ 1ನೇ, 2ನೇ, 4ನೇ, 5ನೇ, 6ನೇ ಅಡ್ಡರಸ್ತೆ, ಶಂಕರ್ ಕಾಲೋನಿ, ಡಿ.ಎಡ್ ಗ್ರೌಂಡ್, ಕೋಟೆ ಕಾರ್ನರ್, ಡಬಲ್ ರಸ್ತೆ, ಕೋಲಾಚಲಂ ಕಾಂಪೌಂಡ್, ರಾಯಲ್ ಸರ್ಕಲ್, ಗಾಂಧಿಭವನ, ಸಿವಿಲ್, ಅಂಬಿಕಾ ಆಫೀಸ್, ಡಿಸಿ ಬಂಗ್ಲೋ, ಹಳೆ ಬಸ್ ಸ್ಟ್ಯಾಂಡ್ ರಸ್ತೆ ಹಾಗೂ ಸುತ್ತಮುತ್ತಲಿನ ಪ್ರದೇಶಗಳು. ಎಫ್-07 ಫೀಡರ್ ವಿದ್ಯುತ್ ಸರಬರಾಜಾಗುವ ಗಾಂಧಿನಗರ 1ನೇ ಕ್ರಾಸ್, ಬೆಂಗಳೂರು ರಸ್ತೆ, ರಾಘವ ಕಲಾ ಮಂದಿರ, ಅನಂತಪುರ ರಸ್ತೆ, ವಡ್ಡರ ಬಂಡಿ, ಹಳೆ ಮಾರ್ಕೆಟ್, ರೂಪನಗುಡಿ ರಸ್ತೆ, ಮುಬಾರಕ್ ಟಾಕೀಸ್, ಬಾಲಾಜಿ ಟಾಕೀಸ್ ಹಾಗೂ ಸುತ್ತಮುತ್ತಲಿನ ಪ್ರದೇಶಗಳಲ್ಲಿ ವಿದ್ಯುತ್ ವ್ಯತ್ಯಯವಾಗಲಿದೆ. ಸಾರ್ವಜನಿಕರು ಸಹಕರಿಸಬೇಕು ಎಂದು ಜೆಸ್ಕಾಂ ನಗರ ಉಪವಿಭಾಗ-2 ರ ಸಹಾಯಕ ಕಾರ್ಯನಿರ್ವಾಹಕ ಇಂಜಿನಿಯರ್ ಅವರು ಪ್ರಕಟಣೆಯಲ್ಲಿ ತಿಳಿಸಿದ್ದಾರೆ.

GADI KANNADIGA,kannada daily, printed, published , edited, & woned by murugesh b.shivapuji ,printed ,plot no:12,sy no:174/3b,press colony,kuvempu nagar, post:hindalaga-591108,Tq &
Dt:belgaum, And published at plot no:12,sy no:174/3b,press colony,kuvempu nagar,post:hindalaga-591108,Tq & Dt:belgaum, karnataka, RNI NO:KAR KAN/2003/10452. Permission to post at
Belagavi, Kacheri post office Belagavi. No:PMG/KA/NK/BM/743/24-26
